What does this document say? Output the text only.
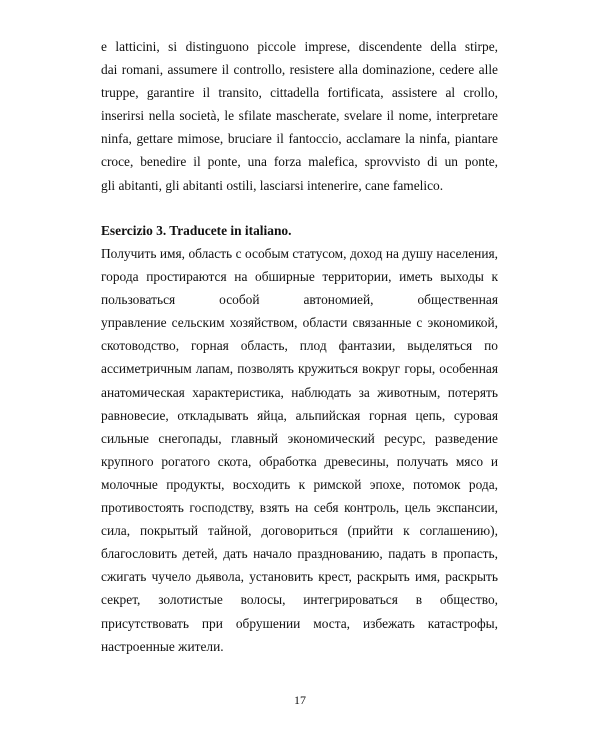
e latticini, si distinguono piccole imprese, discendente della stirpe,
dai romani, assumere il controllo, resistere alla dominazione, cedere alle
truppe, garantire il transito, cittadella fortificata, assistere al crollo,
inserirsi nella società, le sfilate mascherate, svelare il nome, interpretare
ninfa, gettare mimose, bruciare il fantoccio, acclamare la ninfa, piantare
croce, benedire il ponte, una forza malefica, sprovvisto di un ponte,
gli abitanti, gli abitanti ostili, lasciarsi intenerire, cane famelico.
Esercizio 3. Traducete in italiano.
Получить имя, область с особым статусом, доход на душу населения,
города простираются на обширные территории, иметь выходы к
пользоваться особой автономией, общественная
управление сельским хозяйством, области связанные с экономикой,
скотоводство, горная область, плод фантазии, выделяться по
ассиметричным лапам, позволять кружиться вокруг горы, особенная
анатомическая характеристика, наблюдать за животным, потерять
равновесие, откладывать яйца, альпийская горная цепь, суровая
сильные снегопады, главный экономический ресурс, разведение
крупного рогатого скота, обработка древесины, получать мясо и
молочные продукты, восходить к римской эпохе, потомок рода,
противостоять господству, взять на себя контроль, цель экспансии,
сила, покрытый тайной, договориться (прийти к соглашению),
благословить детей, дать начало празднованию, падать в пропасть,
сжигать чучело дьявола, установить крест, раскрыть имя, раскрыть
секрет, золотистые волосы, интегрироваться в общество,
присутствовать при обрушении моста, избежать катастрофы,
настроенные жители.
17
